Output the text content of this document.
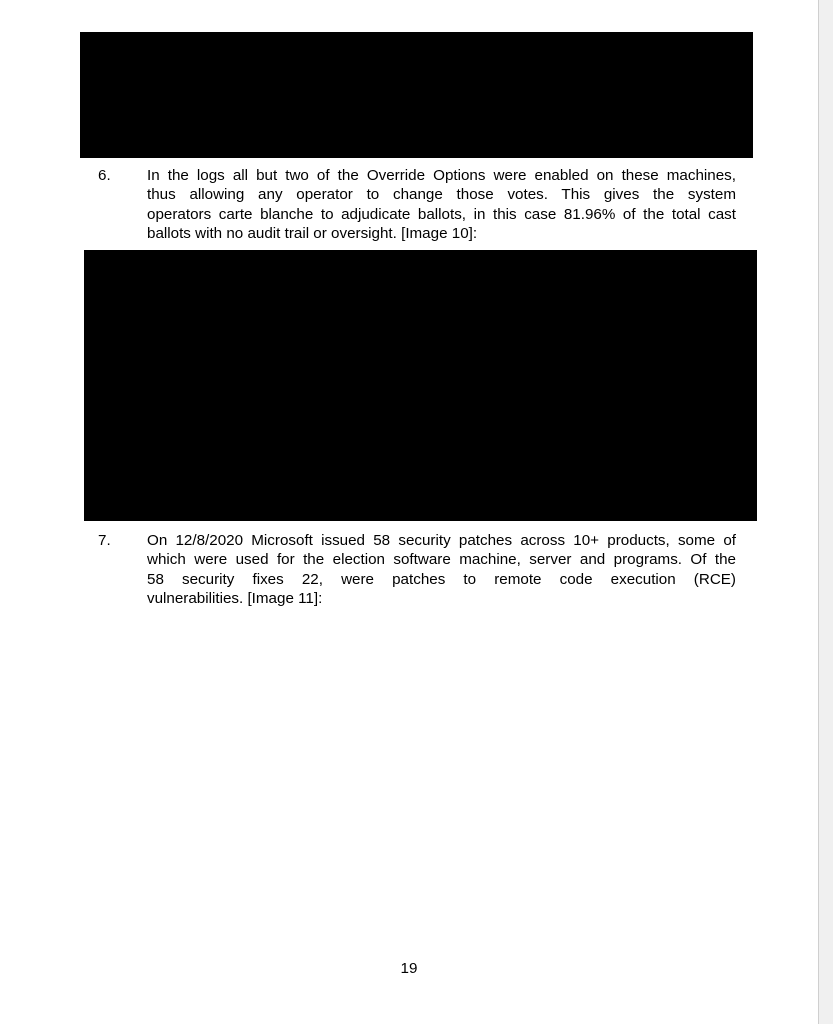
6. In the logs all but two of the Override Options were enabled on these machines,
thus allowing any operator to change those votes. This gives the system
operators carte blanche to adjudicate ballots, in this case 81.96% of the total cast
ballots with no audit trail or oversight. [Image 10]:
7. On 12/8/2020 Microsoft issued 58 security patches across 10+ products, some of
which were used for the election software machine, server and programs. Of the
58 security fixes 22, were patches to remote code execution (RCE)
vulnerabilities. [Image 11]:
19
